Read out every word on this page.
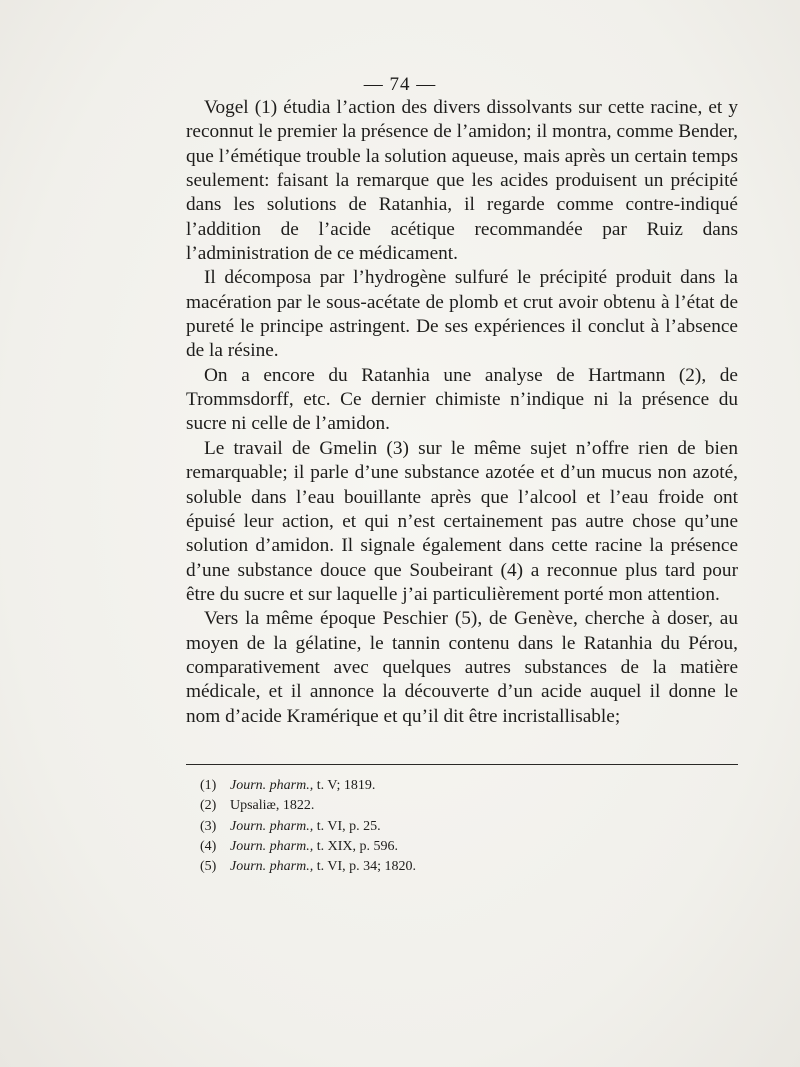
— 74 —

Vogel (1) étudia l’action des divers dissolvants sur cette racine, et y reconnut le premier la présence de l’amidon; il montra, comme Bender, que l’émétique trouble la solution aqueuse, mais après un certain temps seulement: faisant la remarque que les acides produisent un précipité dans les solutions de Ratanhia, il regarde comme contre-indiqué l’addition de l’acide acétique recommandée par Ruiz dans l’administration de ce médicament.

Il décomposa par l’hydrogène sulfuré le précipité produit dans la macération par le sous-acétate de plomb et crut avoir obtenu à l’état de pureté le principe astringent. De ses expériences il conclut à l’absence de la résine.

On a encore du Ratanhia une analyse de Hartmann (2), de Trommsdorff, etc. Ce dernier chimiste n’indique ni la présence du sucre ni celle de l’amidon.

Le travail de Gmelin (3) sur le même sujet n’offre rien de bien remarquable; il parle d’une substance azotée et d’un mucus non azoté, soluble dans l’eau bouillante après que l’alcool et l’eau froide ont épuisé leur action, et qui n’est certainement pas autre chose qu’une solution d’amidon. Il signale également dans cette racine la présence d’une substance douce que Soubeirant (4) a reconnue plus tard pour être du sucre et sur laquelle j’ai particulièrement porté mon attention.

Vers la même époque Peschier (5), de Genève, cherche à doser, au moyen de la gélatine, le tannin contenu dans le Ratanhia du Pérou, comparativement avec quelques autres substances de la matière médicale, et il annonce la découverte d’un acide auquel il donne le nom d’acide Kramérique et qu’il dit être incristallisable;

(1) Journ. pharm., t. V; 1819.
(2) Upsaliæ, 1822.
(3) Journ. pharm., t. VI, p. 25.
(4) Journ. pharm., t. XIX, p. 596.
(5) Journ. pharm., t. VI, p. 34; 1820.
